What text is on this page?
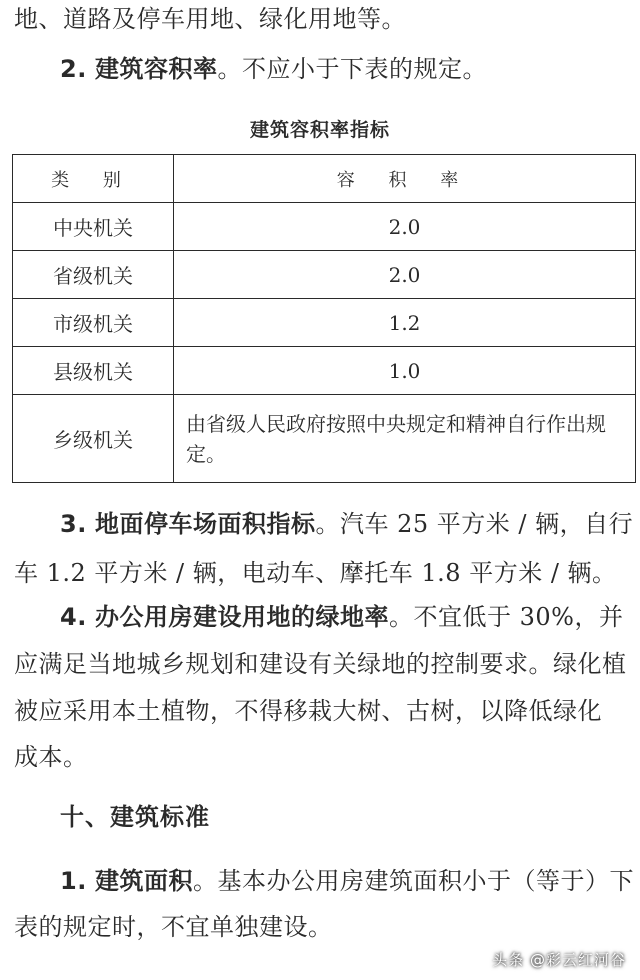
地、道路及停车用地、绿化用地等。
2. 建筑容积率。不应小于下表的规定。
建筑容积率指标
类 别	容 积 率
中央机关	2.0
省级机关	2.0
市级机关	1.2
县级机关	1.0
乡级机关	由省级人民政府按照中央规定和精神自行作出规定。
3. 地面停车场面积指标。汽车 25 平方米 / 辆，自行
车 1.2 平方米 / 辆，电动车、摩托车 1.8 平方米 / 辆。
4. 办公用房建设用地的绿地率。不宜低于 30%，并
应满足当地城乡规划和建设有关绿地的控制要求。绿化植
被应采用本土植物，不得移栽大树、古树，以降低绿化
成本。
十、建筑标准
1. 建筑面积。基本办公用房建筑面积小于（等于）下
表的规定时，不宜单独建设。
头条 @彩云红河谷
